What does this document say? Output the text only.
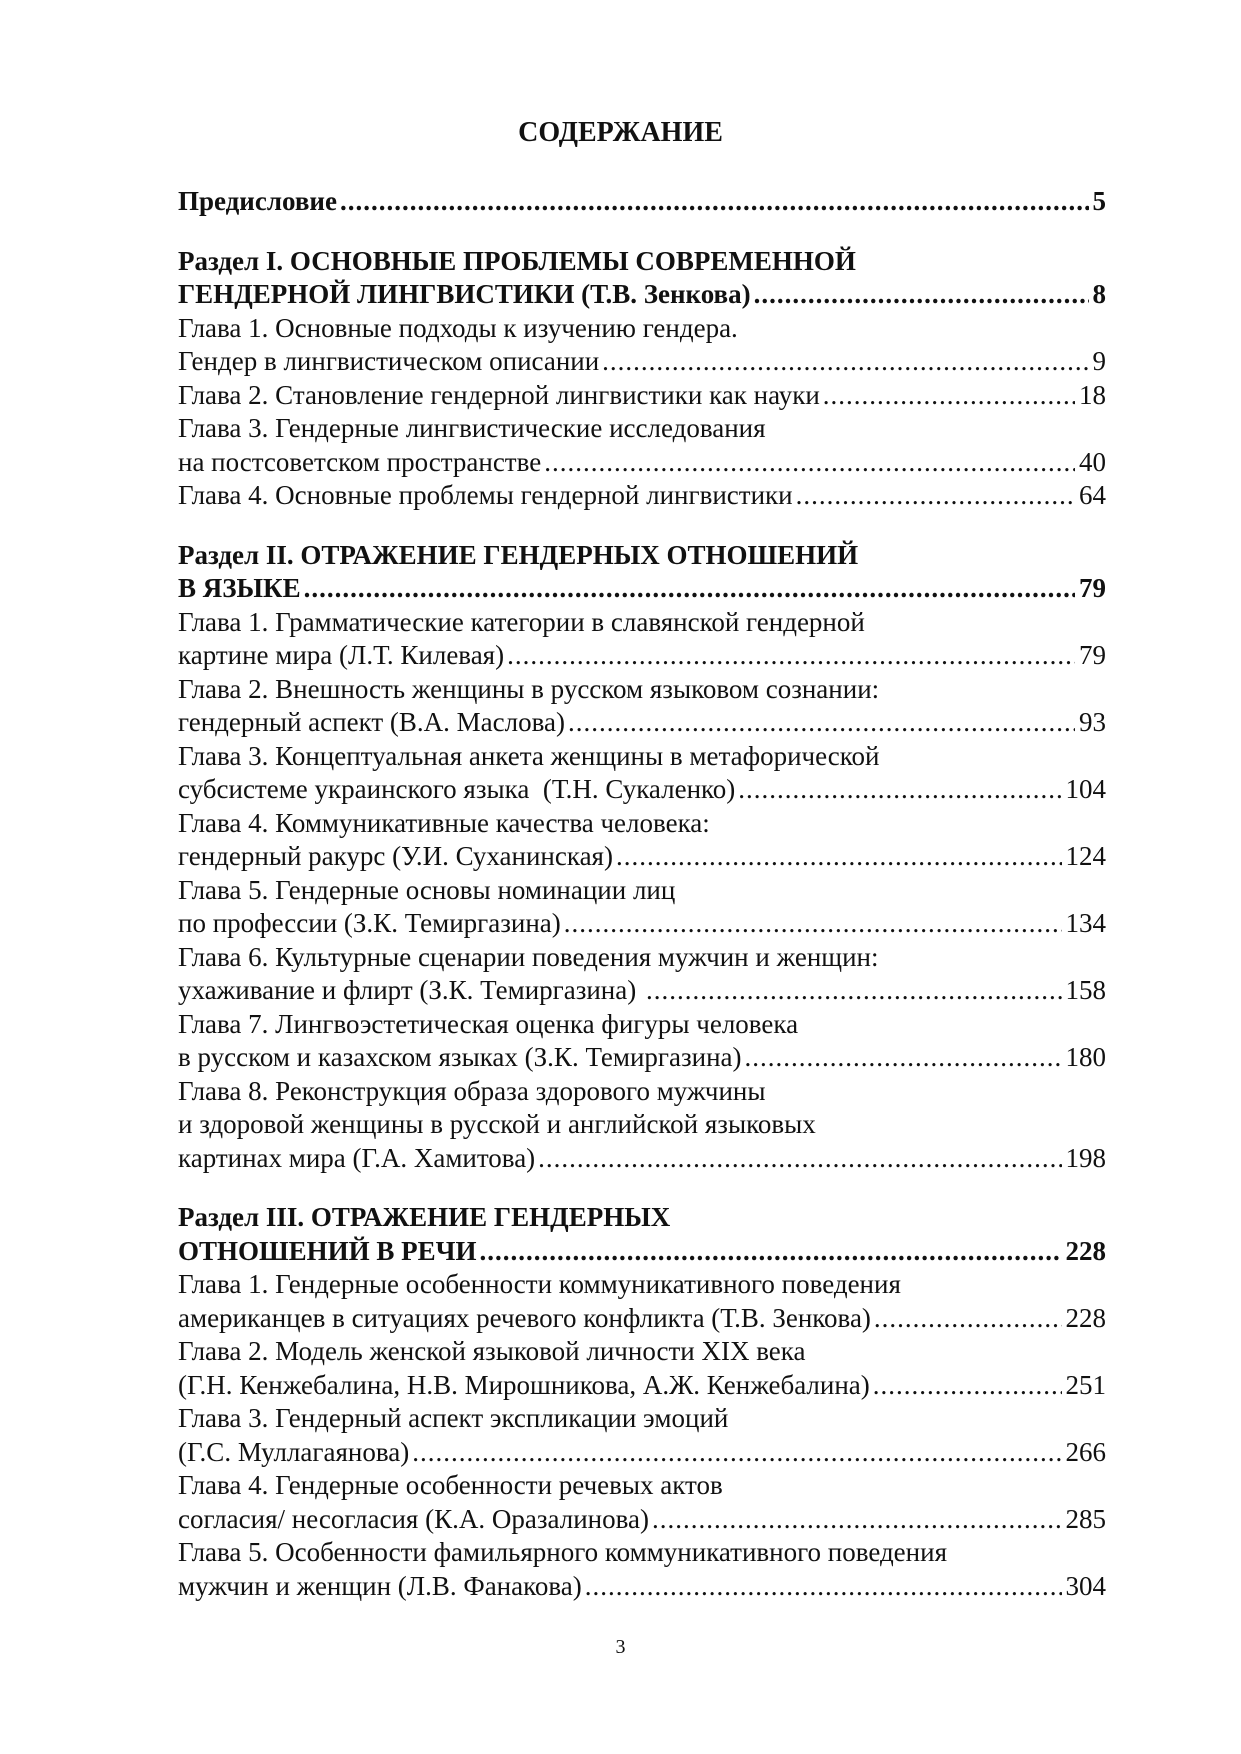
СОДЕРЖАНИЕ
Предисловие .....	5
Раздел I. ОСНОВНЫЕ ПРОБЛЕМЫ СОВРЕМЕННОЙ
ГЕНДЕРНОЙ ЛИНГВИСТИКИ (Т.В. Зенкова) .....	8
Глава 1. Основные подходы к изучению гендера.
Гендер в лингвистическом описании .....	9
Глава 2. Становление гендерной лингвистики как науки .....	18
Глава 3. Гендерные лингвистические исследования
на постсоветском пространстве .....	40
Глава 4. Основные проблемы гендерной лингвистики .....	64
Раздел II. ОТРАЖЕНИЕ ГЕНДЕРНЫХ ОТНОШЕНИЙ
В ЯЗЫКЕ .....	79
Глава 1. Грамматические категории в славянской гендерной
картине мира (Л.Т. Килевая) .....	79
Глава 2. Внешность женщины в русском языковом сознании:
гендерный аспект (В.А. Маслова) .....	93
Глава 3. Концептуальная анкета женщины в метафорической
субсистеме украинского языка  (Т.Н. Сукаленко) .....	104
Глава 4. Коммуникативные качества человека:
гендерный ракурс (У.И. Суханинская) .....	124
Глава 5. Гендерные основы номинации лиц
по профессии (З.К. Темиргазина) .....	134
Глава 6. Культурные сценарии поведения мужчин и женщин:
ухаживание и флирт (З.К. Темиргазина) .....	158
Глава 7. Лингвоэстетическая оценка фигуры человека
в русском и казахском языках (З.К. Темиргазина) .....	180
Глава 8. Реконструкция образа здорового мужчины
и здоровой женщины в русской и английской языковых
картинах мира (Г.А. Хамитова) .....	198
Раздел III. ОТРАЖЕНИЕ ГЕНДЕРНЫХ
ОТНОШЕНИЙ В РЕЧИ .....	228
Глава 1. Гендерные особенности коммуникативного поведения
американцев в ситуациях речевого конфликта (Т.В. Зенкова) .....	228
Глава 2. Модель женской языковой личности XIX века
(Г.Н. Кенжебалина, Н.В. Мирошникова, А.Ж. Кенжебалина) .....	251
Глава 3. Гендерный аспект экспликации эмоций
(Г.С. Муллагаянова) .....	266
Глава 4. Гендерные особенности речевых актов
согласия/ несогласия (К.А. Оразалинова) .....	285
Глава 5. Особенности фамильярного коммуникативного поведения
мужчин и женщин (Л.В. Фанакова) .....	304
3
